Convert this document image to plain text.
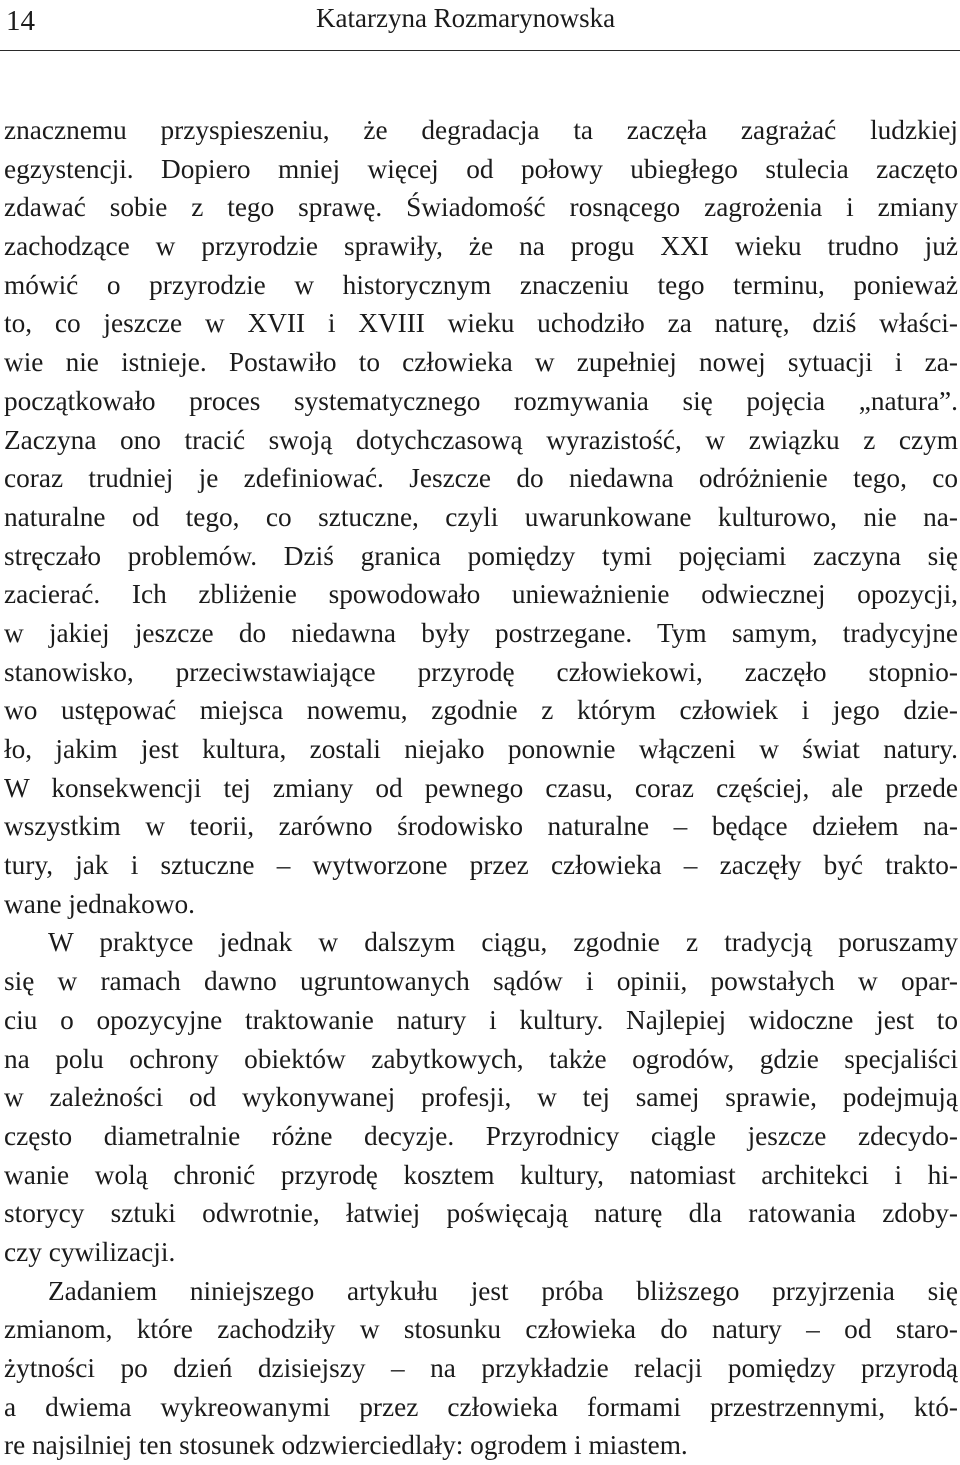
14	Katarzyna Rozmarynowska
znacznemu przyspieszeniu, że degradacja ta zaczęła zagrażać ludzkiej
egzystencji. Dopiero mniej więcej od połowy ubiegłego stulecia zaczęto
zdawać sobie z tego sprawę. Świadomość rosnącego zagrożenia i zmiany
zachodzące w przyrodzie sprawiły, że na progu XXI wieku trudno już
mówić o przyrodzie w historycznym znaczeniu tego terminu, ponieważ
to, co jeszcze w XVII i XVIII wieku uchodziło za naturę, dziś właści-
wie nie istnieje. Postawiło to człowieka w zupełniej nowej sytuacji i za-
początkowało proces systematycznego rozmywania się pojęcia „natura”.
Zaczyna ono tracić swoją dotychczasową wyrazistość, w związku z czym
coraz trudniej je zdefiniować. Jeszcze do niedawna odróżnienie tego, co
naturalne od tego, co sztuczne, czyli uwarunkowane kulturowo, nie na-
stręczało problemów. Dziś granica pomiędzy tymi pojęciami zaczyna się
zacierać. Ich zbliżenie spowodowało unieważnienie odwiecznej opozycji,
w jakiej jeszcze do niedawna były postrzegane. Tym samym, tradycyjne
stanowisko, przeciwstawiające przyrodę człowiekowi, zaczęło stopnio-
wo ustępować miejsca nowemu, zgodnie z którym człowiek i jego dzie-
ło, jakim jest kultura, zostali niejako ponownie włączeni w świat natury.
W konsekwencji tej zmiany od pewnego czasu, coraz częściej, ale przede
wszystkim w teorii, zarówno środowisko naturalne – będące dziełem na-
tury, jak i sztuczne – wytworzone przez człowieka – zaczęły być trakto-
wane jednakowo.
W praktyce jednak w dalszym ciągu, zgodnie z tradycją poruszamy
się w ramach dawno ugruntowanych sądów i opinii, powstałych w opar-
ciu o opozycyjne traktowanie natury i kultury. Najlepiej widoczne jest to
na polu ochrony obiektów zabytkowych, także ogrodów, gdzie specjaliści
w zależności od wykonywanej profesji, w tej samej sprawie, podejmują
często diametralnie różne decyzje. Przyrodnicy ciągle jeszcze zdecydo-
wanie wolą chronić przyrodę kosztem kultury, natomiast architekci i hi-
storycy sztuki odwrotnie, łatwiej poświęcają naturę dla ratowania zdoby-
czy cywilizacji.
Zadaniem niniejszego artykułu jest próba bliższego przyjrzenia się
zmianom, które zachodziły w stosunku człowieka do natury – od staro-
żytności po dzień dzisiejszy – na przykładzie relacji pomiędzy przyrodą
a dwiema wykreowanymi przez człowieka formami przestrzennymi, któ-
re najsilniej ten stosunek odzwierciedlały: ogrodem i miastem.
